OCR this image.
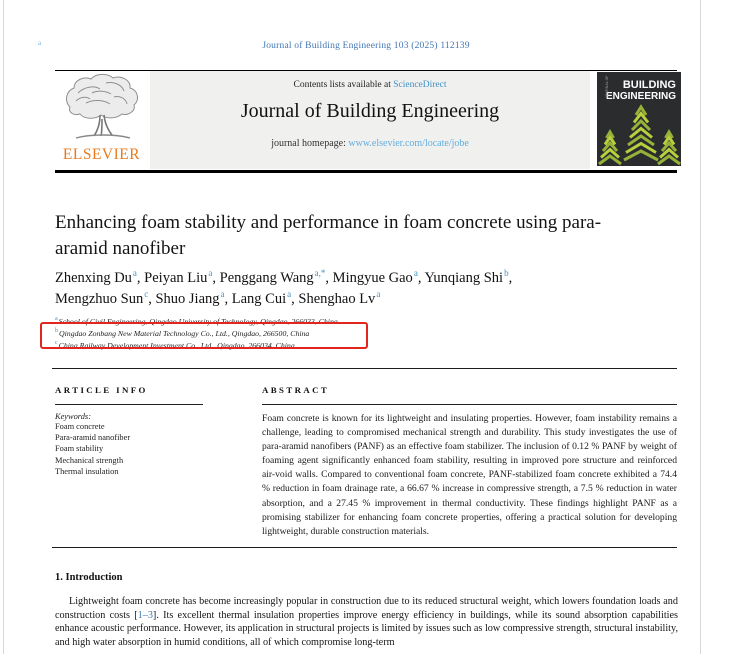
a	Journal of Building Engineering 103 (2025) 112139
ELSEVIER
Contents lists available at ScienceDirect
Journal of Building Engineering
journal homepage: www.elsevier.com/locate/jobe
BUILDING
ENGINEERING
JOURNAL OF
Enhancing foam stability and performance in foam concrete using para-aramid nanofiber
Zhenxing Du$^a$, Peiyan Liu$^a$, Penggang Wang$^{a,*}$, Mingyue Gao$^a$, Yunqiang Shi$^b$,
Mengzhuo Sun$^c$, Shuo Jiang$^a$, Lang Cui$^a$, Shenghao Lv$^a$
$^a$School of Civil Engineering, Qingdao University of Technology, Qingdao, 266033, China
$^b$Qingdao Zonbang New Material Technology Co., Ltd., Qingdao, 266500, China
$^c$China Railway Development Investment Co., Ltd., Qingdao, 266034, China
ARTICLE INFO
Keywords:
Foam concrete
Para-aramid nanofiber
Foam stability
Mechanical strength
Thermal insulation
ABSTRACT
Foam concrete is known for its lightweight and insulating properties. However, foam instability remains a challenge, leading to compromised mechanical strength and durability. This study investigates the use of para-aramid nanofibers (PANF) as an effective foam stabilizer. The inclusion of 0.12 % PANF by weight of foaming agent significantly enhanced foam stability, resulting in improved pore structure and reinforced air-void walls. Compared to conventional foam concrete, PANF-stabilized foam concrete exhibited a 74.4 % reduction in foam drainage rate, a 66.67 % increase in compressive strength, a 7.5 % reduction in water absorption, and a 27.45 % improvement in thermal conductivity. These findings highlight PANF as a promising stabilizer for enhancing foam concrete properties, offering a practical solution for developing lightweight, durable construction materials.
1. Introduction
Lightweight foam concrete has become increasingly popular in construction due to its reduced structural weight, which lowers foundation loads and construction costs [1–3]. Its excellent thermal insulation properties improve energy efficiency in buildings, while its sound absorption capabilities enhance acoustic performance. However, its application in structural projects is limited by issues such as low compressive strength, structural instability, and high water absorption in humid conditions, all of which compromise long-term
